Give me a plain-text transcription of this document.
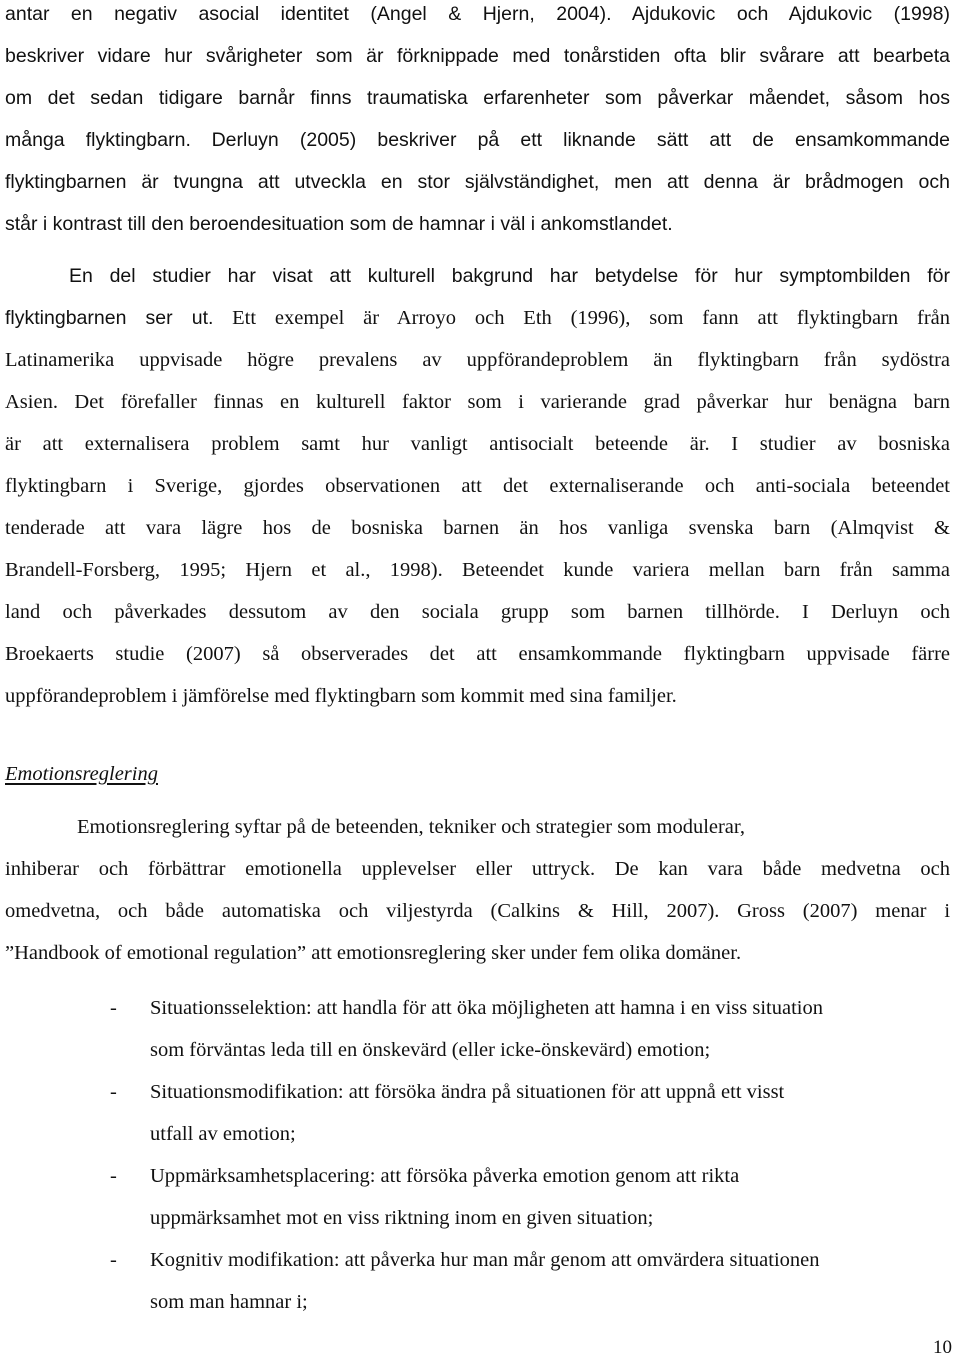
antar en negativ asocial identitet (Angel & Hjern, 2004). Ajdukovic och Ajdukovic (1998)
beskriver vidare hur svårigheter som är förknippade med tonårstiden ofta blir svårare att bearbeta
om det sedan tidigare barnår finns traumatiska erfarenheter som påverkar måendet, såsom hos
många flyktingbarn. Derluyn (2005) beskriver på ett liknande sätt att de ensamkommande
flyktingbarnen är tvungna att utveckla en stor självständighet, men att denna är brådmogen och
står i kontrast till den beroendesituation som de hamnar i väl i ankomstlandet.
En del studier har visat att kulturell bakgrund har betydelse för hur symptombilden för
flyktingbarnen ser ut. Ett exempel är Arroyo och Eth (1996), som fann att flyktingbarn från
Latinamerika uppvisade högre prevalens av uppförandeproblem än flyktingbarn från sydöstra
Asien. Det förefaller finnas en kulturell faktor som i varierande grad påverkar hur benägna barn
är att externalisera problem samt hur vanligt antisocialt beteende är. I studier av bosniska
flyktingbarn i Sverige, gjordes observationen att det externaliserande och anti-sociala beteendet
tenderade att vara lägre hos de bosniska barnen än hos vanliga svenska barn (Almqvist &
Brandell-Forsberg, 1995; Hjern et al., 1998). Beteendet kunde variera mellan barn från samma
land och påverkades dessutom av den sociala grupp som barnen tillhörde. I Derluyn och
Broekaerts studie (2007) så observerades det att ensamkommande flyktingbarn uppvisade färre
uppförandeproblem i jämförelse med flyktingbarn som kommit med sina familjer.
Emotionsreglering
Emotionsreglering syftar på de beteenden, tekniker och strategier som modulerar,
inhiberar och förbättrar emotionella upplevelser eller uttryck. De kan vara både medvetna och
omedvetna, och både automatiska och viljestyrda (Calkins & Hill, 2007). Gross (2007) menar i
”Handbook of emotional regulation” att emotionsreglering sker under fem olika domäner.
- Situationsselektion: att handla för att öka möjligheten att hamna i en viss situation
som förväntas leda till en önskevärd (eller icke-önskevärd) emotion;
- Situationsmodifikation: att försöka ändra på situationen för att uppnå ett visst
utfall av emotion;
- Uppmärksamhetsplacering: att försöka påverka emotion genom att rikta
uppmärksamhet mot en viss riktning inom en given situation;
- Kognitiv modifikation: att påverka hur man mår genom att omvärdera situationen
som man hamnar i;
10
